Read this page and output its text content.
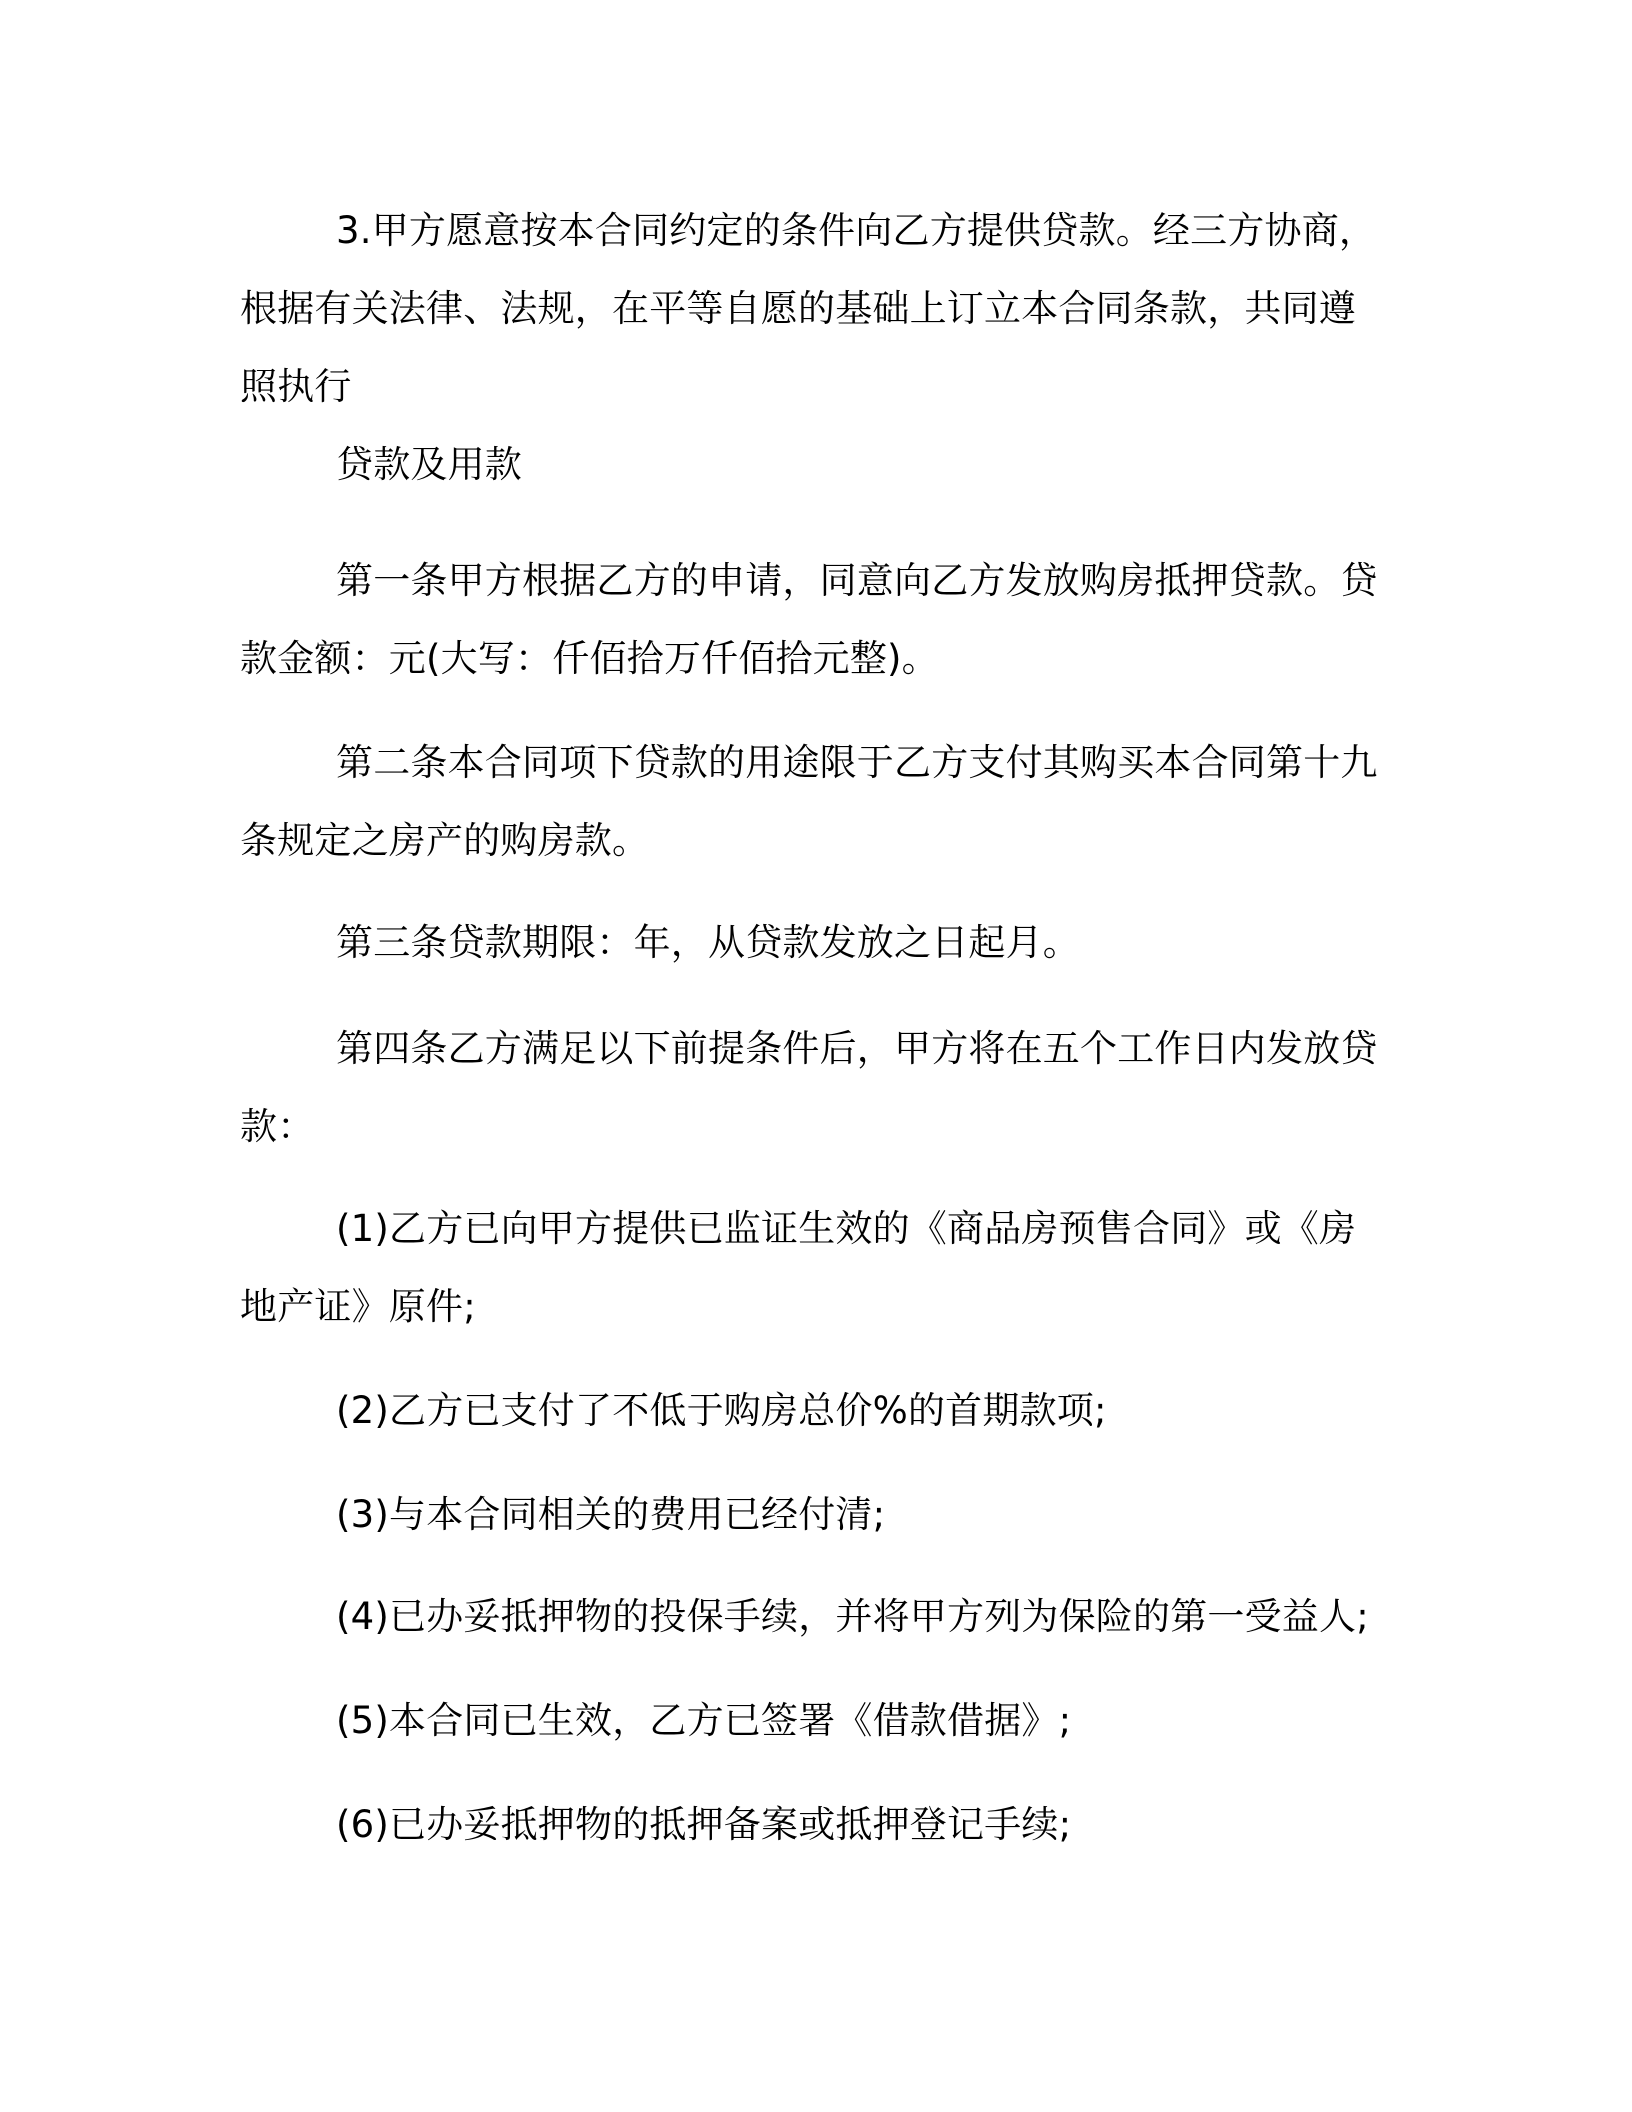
3.甲方愿意按本合同约定的条件向乙方提供贷款。经三方协商，根据有关法律、法规，在平等自愿的基础上订立本合同条款，共同遵照执行

贷款及用款

第一条甲方根据乙方的申请，同意向乙方发放购房抵押贷款。贷款金额：元(大写：仟佰拾万仟佰拾元整)。

第二条本合同项下贷款的用途限于乙方支付其购买本合同第十九条规定之房产的购房款。

第三条贷款期限：年，从贷款发放之日起月。

第四条乙方满足以下前提条件后，甲方将在五个工作日内发放贷款：

(1)乙方已向甲方提供已监证生效的《商品房预售合同》或《房地产证》原件;

(2)乙方已支付了不低于购房总价%的首期款项;

(3)与本合同相关的费用已经付清;

(4)已办妥抵押物的投保手续，并将甲方列为保险的第一受益人;

(5)本合同已生效，乙方已签署《借款借据》;

(6)已办妥抵押物的抵押备案或抵押登记手续;
